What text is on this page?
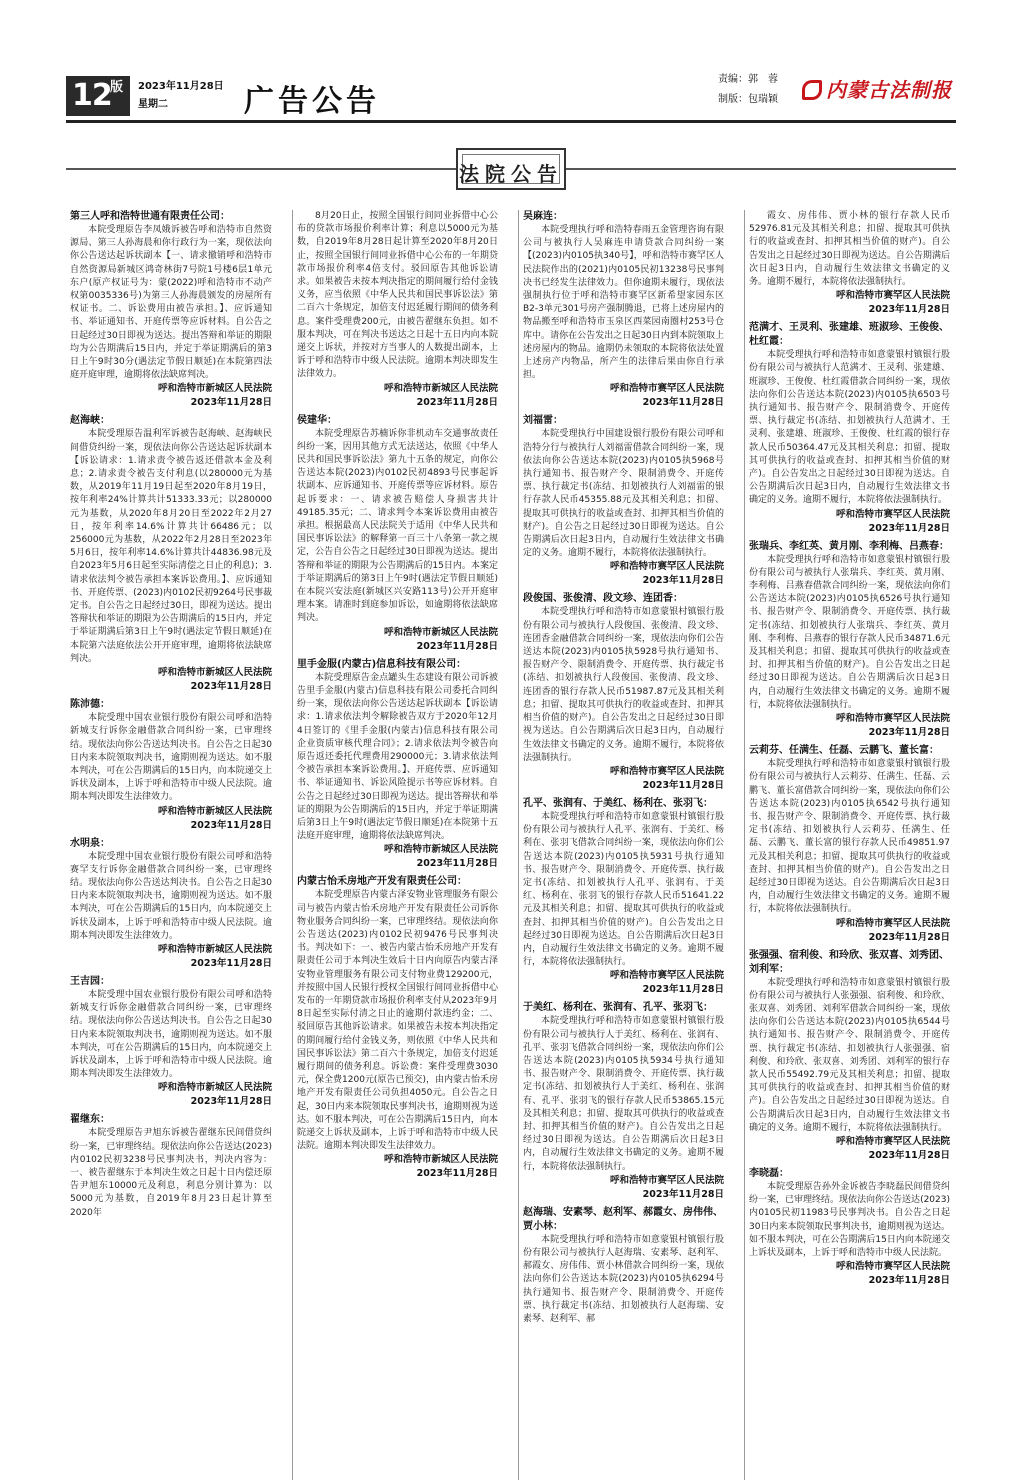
12
版 2023年11月28日
星期二	广告公告
责编：郭　蓉
制版：包瑞颖	内蒙古法制报
法院公告
第三人呼和浩特世通有限责任公司：
本院受理原告李凤娥诉被告呼和浩特市自然资源局、第三人孙海晨和你行政行为一案，现依法向你公告送达起诉状副本【一、请求撤销呼和浩特市自然资源局新城区鸿奇林街7号院1号楼6层1单元东户(原产权证号为：蒙(2022)呼和浩特市不动产权第0035336号)为第三人孙海晨颁发的房屋所有权证书。二、诉讼费用由被告承担。】、应诉通知书、举证通知书、开庭传票等应诉材料。自公告之日起经过30日即视为送达。提出答辩和举证的期限均为公告期满后15日内，并定于举证期满后的第3日上午9时30分(遇法定节假日顺延)在本院第四法庭开庭审理，逾期将依法缺席判决。
呼和浩特市新城区人民法院
2023年11月28日
赵海峡：
本院受理原告温利军诉被告赵海峡、赵海峡民间借贷纠纷一案，现依法向你公告送达起诉状副本【诉讼请求：1.请求责令被告返还借款本金及利息；2.请求责令被告支付利息(以280000元为基数，从2019年11月19日起至2020年8月19日，按年利率24%计算共计51333.33元；以280000元为基数，从2020年8月20日至2022年2月27日，按年利率14.6%计算共计66486元；以256000元为基数，从2022年2月28日至2023年5月6日，按年利率14.6%计算共计44836.98元及自2023年5月6日起至实际清偿之日止的利息)；3.请求依法判令被告承担本案诉讼费用。】、应诉通知书、开庭传票、(2023)内0102民初9264号民事裁定书。自公告之日起经过30日，即视为送达。提出答辩状和举证的期限为公告期满后的15日内，并定于举证期满后第3日上午9时(遇法定节假日顺延)在本院第六法庭依法公开开庭审理，逾期将依法缺席判决。
呼和浩特市新城区人民法院
2023年11月28日
陈沛德：
本院受理中国农业银行股份有限公司呼和浩特新城支行诉你金融借款合同纠纷一案，已审理终结。现依法向你公告送达判决书。自公告之日起30日内来本院领取判决书，逾期则视为送达。如不服本判决，可在公告期满后的15日内，向本院递交上诉状及副本，上诉于呼和浩特市中级人民法院。逾期本判决即发生法律效力。
呼和浩特市新城区人民法院
2023年11月28日
水明泉：
本院受理中国农业银行股份有限公司呼和浩特赛罕支行诉你金融借款合同纠纷一案，已审理终结。现依法向你公告送达判决书。自公告之日起30日内来本院领取判决书，逾期则视为送达。如不服本判决，可在公告期满后的15日内，向本院递交上诉状及副本，上诉于呼和浩特市中级人民法院。逾期本判决即发生法律效力。
呼和浩特市新城区人民法院
2023年11月28日
王吉园：
本院受理中国农业银行股份有限公司呼和浩特新城支行诉你金融借款合同纠纷一案，已审理终结。现依法向你公告送达判决书。自公告之日起30日内来本院领取判决书，逾期则视为送达。如不服本判决，可在公告期满后的15日内，向本院递交上诉状及副本，上诉于呼和浩特市中级人民法院。逾期本判决即发生法律效力。
呼和浩特市新城区人民法院
2023年11月28日
翟继东：
本院受理原告尹旭东诉被告翟继东民间借贷纠纷一案，已审理终结。现依法向你公告送达(2023)内0102民初3238号民事判决书，判决内容为：一、被告翟继东于本判决生效之日起十日内偿还原告尹旭东10000元及利息，利息分别计算为：以5000元为基数，自2019年8月23日起计算至2020年
8月20日止，按照全国银行间同业拆借中心公布的贷款市场报价利率计算；利息以5000元为基数，自2019年8月28日起计算至2020年8月20日止，按照全国银行间同业拆借中心公布的一年期贷款市场报价利率4倍支付。驳回原告其他诉讼请求。如果被告未按本判决指定的期间履行给付金钱义务，应当依照《中华人民共和国民事诉讼法》第二百六十条规定，加倍支付迟延履行期间的债务利息。案件受理费200元，由被告翟继东负担。如不服本判决，可在判决书送达之日起十五日内向本院递交上诉状，并按对方当事人的人数提出副本，上诉于呼和浩特市中级人民法院。逾期本判决即发生法律效力。
呼和浩特市新城区人民法院
2023年11月28日
侯建华：
本院受理原告苏楠诉你非机动车交通事故责任纠纷一案，因用其他方式无法送达，依照《中华人民共和国民事诉讼法》第九十五条的规定，向你公告送达本院(2023)内0102民初4893号民事起诉状副本、应诉通知书、开庭传票等应诉材料。原告起诉要求：一、请求被告赔偿人身损害共计49185.35元；二、请求判令本案诉讼费用由被告承担。根据最高人民法院关于适用《中华人民共和国民事诉讼法》的解释第一百三十八条第一款之规定，公告自公告之日起经过30日即视为送达。提出答辩和举证的期限为公告期满后的15日内。本案定于举证期满后的第3日上午9时(遇法定节假日顺延)在本院兴安法庭(新城区兴安路113号)公开开庭审理本案。请准时到庭参加诉讼，如逾期将依法缺席判决。
呼和浩特市新城区人民法院
2023年11月28日
里手金服(内蒙古)信息科技有限公司：
本院受理原告金点罐头生态建设有限公司诉被告里手金服(内蒙古)信息科技有限公司委托合同纠纷一案，现依法向你公告送达起诉状副本【诉讼请求：1.请求依法判令解除被告双方于2020年12月4日签订的《里手金服(内蒙古)信息科技有限公司企业资质审核代理合同》；2.请求依法判令被告向原告返还委托代理费用290000元；3.请求依法判令被告承担本案诉讼费用。】、开庭传票、应诉通知书、举证通知书、诉讼风险提示书等应诉材料。自公告之日起经过30日即视为送达。提出答辩状和举证的期限为公告期满后的15日内，并定于举证期满后第3日上午9时(遇法定节假日顺延)在本院第十五法庭开庭审理，逾期将依法缺席判决。
呼和浩特市新城区人民法院
2023年11月28日
内蒙古怡禾房地产开发有限责任公司：
本院受理原告内蒙古泽安物业管理服务有限公司与被告内蒙古怡禾房地产开发有限责任公司诉你物业服务合同纠纷一案，已审理终结。现依法向你公告送达(2023)内0102民初9476号民事判决书。判决如下：一、被告内蒙古怡禾房地产开发有限责任公司于本判决生效后十日内向原告内蒙古泽安物业管理服务有限公司支付物业费129200元，并按照中国人民银行授权全国银行间同业拆借中心发布的一年期贷款市场报价利率支付从2023年9月8日起至实际付清之日止的逾期付款违约金；二、驳回原告其他诉讼请求。如果被告未按本判决指定的期间履行给付金钱义务，则依照《中华人民共和国民事诉讼法》第二百六十条规定，加倍支付迟延履行期间的债务利息。诉讼费：案件受理费3030元，保全费1200元(原告已预交)，由内蒙古怡禾房地产开发有限责任公司负担4050元。自公告之日起，30日内来本院领取民事判决书，逾期则视为送达。如不服本判决，可在公告期满后15日内，向本院递交上诉状及副本，上诉于呼和浩特市中级人民法院。逾期本判决即发生法律效力。
呼和浩特市新城区人民法院
2023年11月28日
吴麻连：
本院受理执行呼和浩特春雨五金管理咨询有限公司与被执行人吴麻连申请贷款合同纠纷一案【(2023)内0105执340号】，呼和浩特市赛罕区人民法院作出的(2021)内0105民初13238号民事判决书已经发生法律效力。但你逾期未履行，现依法强制执行位于呼和浩特市赛罕区新希望家园东区B2-3单元301号房产强制腾退，已将上述房屋内的物品搬至呼和浩特市玉泉区西菜园南圈村253号仓库中。请你在公告发出之日起30日内到本院领取上述房屋内的物品。逾期仍未领取的本院将依法处置上述房产内物品，所产生的法律后果由你自行承担。
呼和浩特市赛罕区人民法院
2023年11月28日
刘福雷：
本院受理执行中国建设银行股份有限公司呼和浩特分行与被执行人刘福雷借款合同纠纷一案，现依法向你公告送达本院(2023)内0105执5968号执行通知书、报告财产令、限制消费令、开庭传票、执行裁定书(冻结、扣划被执行人刘福雷的银行存款人民币45355.88元及其相关利息；扣留、提取其可供执行的收益或查封、扣押其相当价值的财产)。自公告之日起经过30日即视为送达。自公告期满后次日起3日内，自动履行生效法律文书确定的义务。逾期不履行，本院将依法强制执行。
呼和浩特市赛罕区人民法院
2023年11月28日
段俊国、张俊清、段文珍、连团香：
本院受理执行呼和浩特市如意蒙银村镇银行股份有限公司与被执行人段俊国、张俊清、段文珍、连团香金融借款合同纠纷一案，现依法向你们公告送达本院(2023)内0105执5928号执行通知书、报告财产令、限制消费令、开庭传票、执行裁定书(冻结、扣划被执行人段俊国、张俊清、段文珍、连团香的银行存款人民币51987.87元及其相关利息；扣留、提取其可供执行的收益或查封、扣押其相当价值的财产)。自公告发出之日起经过30日即视为送达。自公告期满后次日起3日内，自动履行生效法律文书确定的义务。逾期不履行，本院将依法强制执行。
呼和浩特市赛罕区人民法院
2023年11月28日
孔平、张润有、于美红、杨利在、张羽飞：
本院受理执行呼和浩特市如意蒙银村镇银行股份有限公司与被执行人孔平、张润有、于美红、杨利在、张羽飞借款合同纠纷一案，现依法向你们公告送达本院(2023)内0105执5931号执行通知书、报告财产令、限制消费令、开庭传票、执行裁定书(冻结、扣划被执行人孔平、张润有、于美红、杨利在、张羽飞的银行存款人民币51641.22元及其相关利息；扣留、提取其可供执行的收益或查封、扣押其相当价值的财产)。自公告发出之日起经过30日即视为送达。自公告期满后次日起3日内，自动履行生效法律文书确定的义务。逾期不履行，本院将依法强制执行。
呼和浩特市赛罕区人民法院
2023年11月28日
于美红、杨利在、张润有、孔平、张羽飞：
本院受理执行呼和浩特市如意蒙银村镇银行股份有限公司与被执行人于美红、杨利在、张润有、孔平、张羽飞借款合同纠纷一案，现依法向你们公告送达本院(2023)内0105执5934号执行通知书、报告财产令、限制消费令、开庭传票、执行裁定书(冻结、扣划被执行人于美红、杨利在、张润有、孔平、张羽飞的银行存款人民币53865.15元及其相关利息；扣留、提取其可供执行的收益或查封、扣押其相当价值的财产)。自公告发出之日起经过30日即视为送达。自公告期满后次日起3日内，自动履行生效法律文书确定的义务。逾期不履行，本院将依法强制执行。
呼和浩特市赛罕区人民法院
2023年11月28日
赵海瑞、安素琴、赵利军、郝霞女、房伟伟、贾小林：
本院受理执行呼和浩特市如意蒙银村镇银行股份有限公司与被执行人赵海瑞、安素琴、赵利军、郝霞女、房伟伟、贾小林借款合同纠纷一案，现依法向你们公告送达本院(2023)内0105执6294号执行通知书、报告财产令、限制消费令、开庭传票、执行裁定书(冻结、扣划被执行人赵海瑞、安素琴、赵利军、郝
霞女、房伟伟、贾小林的银行存款人民币52976.81元及其相关利息；扣留、提取其可供执行的收益或查封、扣押其相当价值的财产)。自公告发出之日起经过30日即视为送达。自公告期满后次日起3日内，自动履行生效法律文书确定的义务。逾期不履行，本院将依法强制执行。
呼和浩特市赛罕区人民法院
2023年11月28日
范满才、王灵利、张建雄、班淑珍、王俊俊、杜红霞：
本院受理执行呼和浩特市如意蒙银村镇银行股份有限公司与被执行人范满才、王灵利、张建雄、班淑珍、王俊俊、杜红霞借款合同纠纷一案，现依法向你们公告送达本院(2023)内0105执6503号执行通知书、报告财产令、限制消费令、开庭传票、执行裁定书(冻结、扣划被执行人范满才、王灵利、张建雄、班淑珍、王俊俊、杜红霞的银行存款人民币50364.47元及其相关利息；扣留、提取其可供执行的收益或查封、扣押其相当价值的财产)。自公告发出之日起经过30日即视为送达。自公告期满后次日起3日内，自动履行生效法律文书确定的义务。逾期不履行，本院将依法强制执行。
呼和浩特市赛罕区人民法院
2023年11月28日
张瑞兵、李红英、黄月刚、李利梅、吕燕春：
本院受理执行呼和浩特市如意蒙银村镇银行股份有限公司与被执行人张瑞兵、李红英、黄月刚、李利梅、吕燕春借款合同纠纷一案，现依法向你们公告送达本院(2023)内0105执6526号执行通知书、报告财产令、限制消费令、开庭传票、执行裁定书(冻结、扣划被执行人张瑞兵、李红英、黄月刚、李利梅、吕燕春的银行存款人民币34871.6元及其相关利息；扣留、提取其可供执行的收益或查封、扣押其相当价值的财产)。自公告发出之日起经过30日即视为送达。自公告期满后次日起3日内，自动履行生效法律文书确定的义务。逾期不履行，本院将依法强制执行。
呼和浩特市赛罕区人民法院
2023年11月28日
云莉芬、任满生、任磊、云鹏飞、董长富：
本院受理执行呼和浩特市如意蒙银村镇银行股份有限公司与被执行人云莉芬、任满生、任磊、云鹏飞、董长富借款合同纠纷一案，现依法向你们公告送达本院(2023)内0105执6542号执行通知书、报告财产令、限制消费令、开庭传票、执行裁定书(冻结、扣划被执行人云莉芬、任满生、任磊、云鹏飞、董长富的银行存款人民币49851.97元及其相关利息；扣留、提取其可供执行的收益或查封、扣押其相当价值的财产)。自公告发出之日起经过30日即视为送达。自公告期满后次日起3日内，自动履行生效法律文书确定的义务。逾期不履行，本院将依法强制执行。
呼和浩特市赛罕区人民法院
2023年11月28日
张强强、宿利俊、和玲欣、张双喜、刘秀团、刘利军：
本院受理执行呼和浩特市如意蒙银村镇银行股份有限公司与被执行人张强强、宿利俊、和玲欣、张双喜、刘秀团、刘利军借款合同纠纷一案，现依法向你们公告送达本院(2023)内0105执6544号执行通知书、报告财产令、限制消费令、开庭传票、执行裁定书(冻结、扣划被执行人张强强、宿利俊、和玲欣、张双喜、刘秀团、刘利军的银行存款人民币55492.79元及其相关利息；扣留、提取其可供执行的收益或查封、扣押其相当价值的财产)。自公告发出之日起经过30日即视为送达。自公告期满后次日起3日内，自动履行生效法律文书确定的义务。逾期不履行，本院将依法强制执行。
呼和浩特市赛罕区人民法院
2023年11月28日
李晓磊：
本院受理原告孙外金诉被告李晓磊民间借贷纠纷一案，已审理终结。现依法向你公告送达(2023)内0105民初11983号民事判决书。自公告之日起30日内来本院领取民事判决书，逾期则视为送达。如不服本判决，可在公告期满后15日内向本院递交上诉状及副本，上诉于呼和浩特市中级人民法院。
呼和浩特市赛罕区人民法院
2023年11月28日
